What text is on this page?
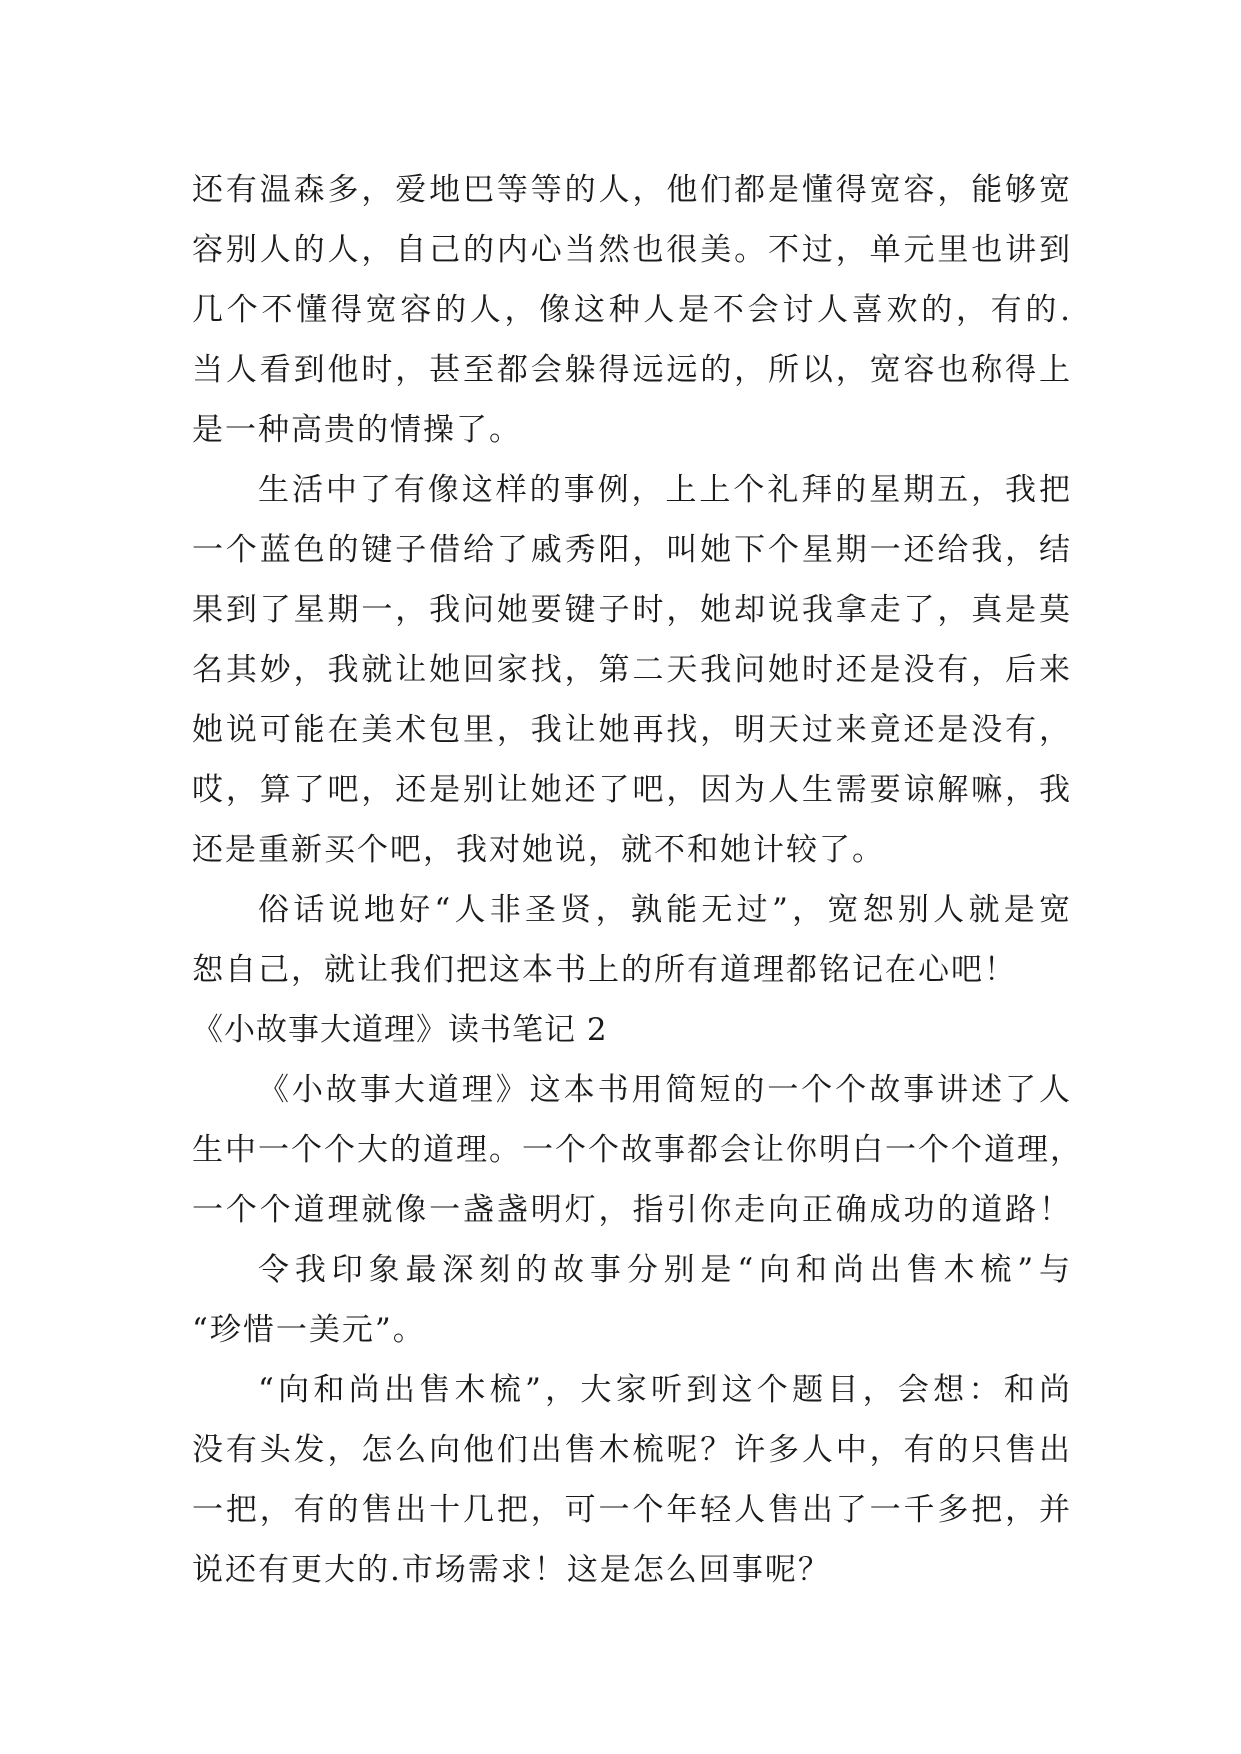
还有温森多，爱地巴等等的人，他们都是懂得宽容，能够宽
容别人的人，自己的内心当然也很美。不过，单元里也讲到
几个不懂得宽容的人，像这种人是不会讨人喜欢的，有的.
当人看到他时，甚至都会躲得远远的，所以，宽容也称得上
是一种高贵的情操了。
生活中了有像这样的事例，上上个礼拜的星期五，我把
一个蓝色的键子借给了戚秀阳，叫她下个星期一还给我，结
果到了星期一，我问她要键子时，她却说我拿走了，真是莫
名其妙，我就让她回家找，第二天我问她时还是没有，后来
她说可能在美术包里，我让她再找，明天过来竟还是没有，
哎，算了吧，还是别让她还了吧，因为人生需要谅解嘛，我
还是重新买个吧，我对她说，就不和她计较了。
俗话说地好“人非圣贤，孰能无过”，宽恕别人就是宽
恕自己，就让我们把这本书上的所有道理都铭记在心吧！
《小故事大道理》读书笔记 2
《小故事大道理》这本书用简短的一个个故事讲述了人
生中一个个大的道理。一个个故事都会让你明白一个个道理，
一个个道理就像一盏盏明灯，指引你走向正确成功的道路！
令我印象最深刻的故事分别是“向和尚出售木梳”与
“珍惜一美元”。
“向和尚出售木梳”，大家听到这个题目，会想：和尚
没有头发，怎么向他们出售木梳呢？许多人中，有的只售出
一把，有的售出十几把，可一个年轻人售出了一千多把，并
说还有更大的.市场需求！这是怎么回事呢？
